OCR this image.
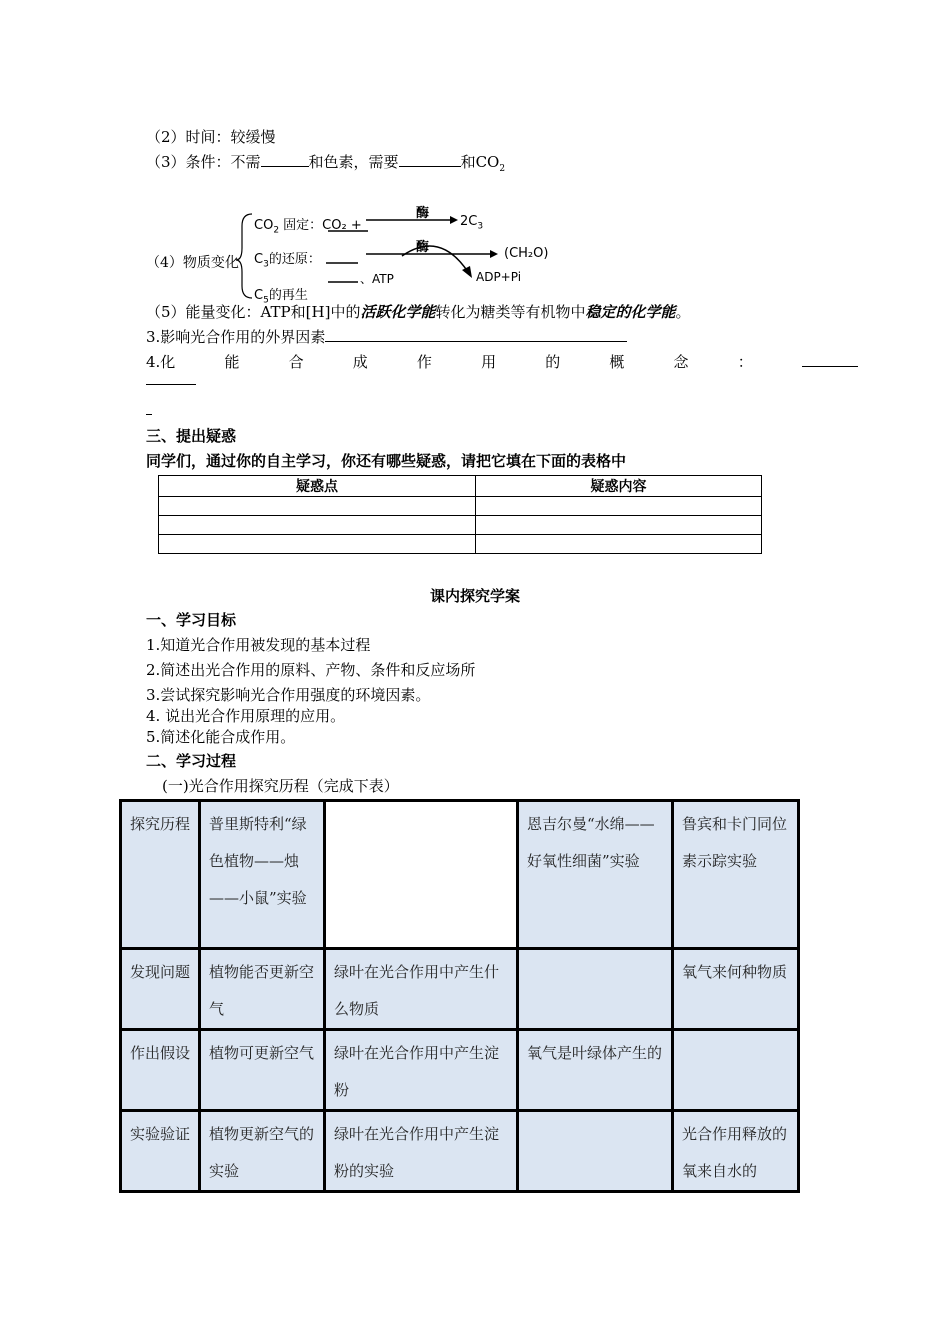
（2）时间：较缓慢
（3）条件：不需	和色素，需要	和$CO_2$
（4）物质变化
$CO_2$ 固定：CO₂ +
酶
$2C_3$
$C_3$的还原：
酶	(CH₂O)
、ATP	ADP+Pi
$C_5$的再生
（5）能量变化：ATP和[H]中的活跃化学能转化为糖类等有机物中稳定的化学能。
3.影响光合作用的外界因素
4.化	能	合	成	作	用	的	概	念	：
三、提出疑惑
同学们，通过你的自主学习，你还有哪些疑惑，请把它填在下面的表格中
疑惑点	疑惑内容

课内探究学案
一、学习目标
1.知道光合作用被发现的基本过程
2.简述出光合作用的原料、产物、条件和反应场所
3.尝试探究影响光合作用强度的环境因素。
4. 说出光合作用原理的应用。
5.简述化能合成作用。
二、学习过程
(一)光合作用探究历程（完成下表）
探究历程	普里斯特利“绿色植物——烛——小鼠”实验		恩吉尔曼“水绵——好氧性细菌”实验	鲁宾和卡门同位素示踪实验
发现问题	植物能否更新空气	绿叶在光合作用中产生什么物质		氧气来何种物质
作出假设	植物可更新空气	绿叶在光合作用中产生淀粉	氧气是叶绿体产生的	
实验验证	植物更新空气的实验	绿叶在光合作用中产生淀粉的实验		光合作用释放的氧来自水的
